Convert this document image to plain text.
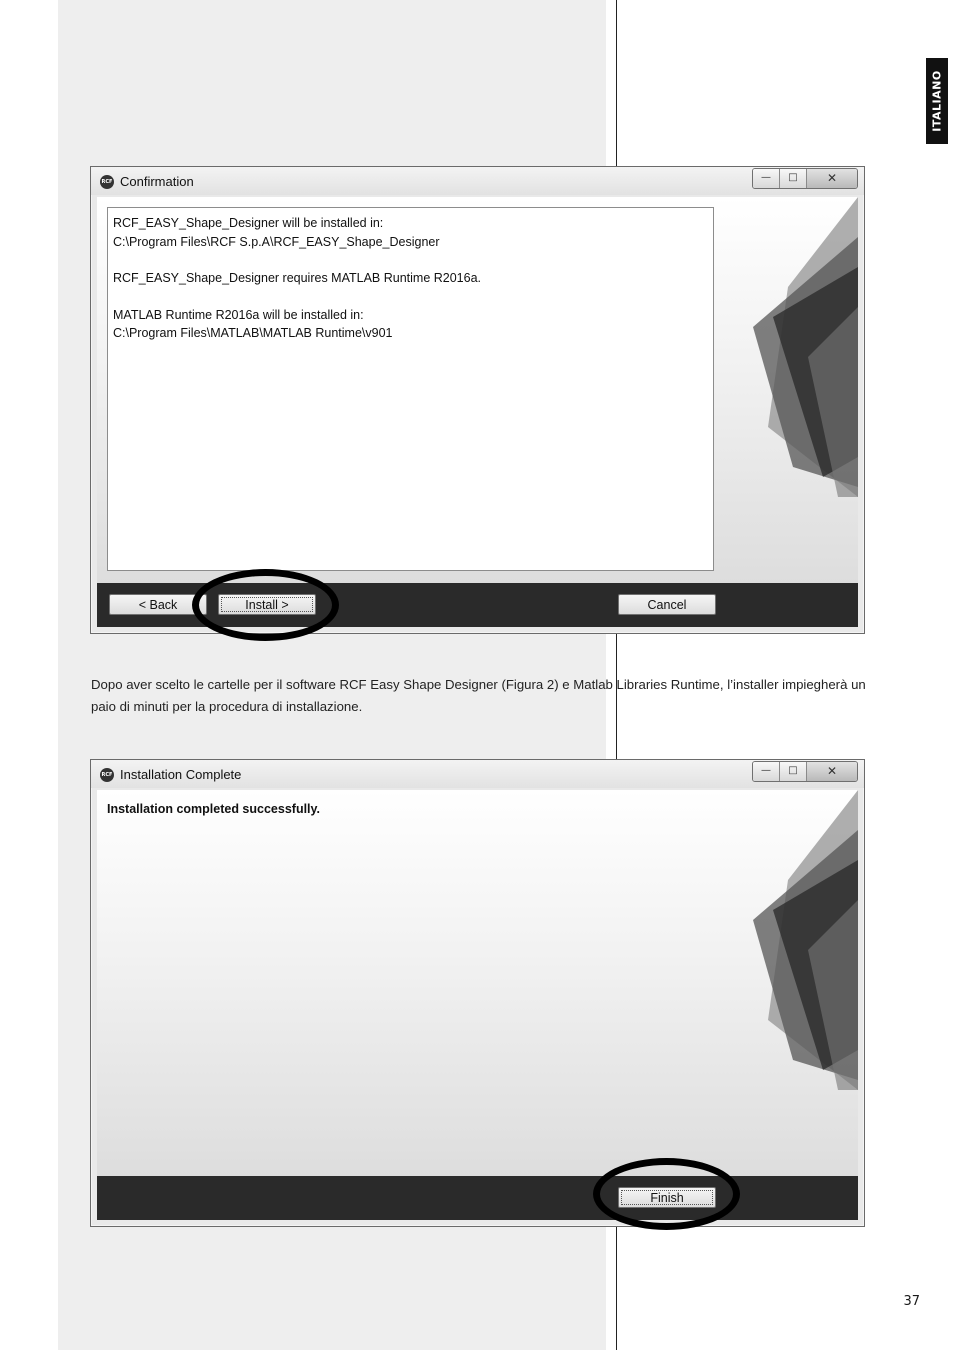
ITALIANO
RCF Confirmation	—	□	✕

RCF_EASY_Shape_Designer will be installed in:
C:\Program Files\RCF S.p.A\RCF_EASY_Shape_Designer

RCF_EASY_Shape_Designer requires MATLAB Runtime R2016a.

MATLAB Runtime R2016a will be installed in:
C:\Program Files\MATLAB\MATLAB Runtime\v901

< Back	Install >	Cancel
Dopo aver scelto le cartelle per il software RCF Easy Shape Designer (Figura 2) e Matlab Libraries Runtime, l’installer impiegherà un paio di minuti per la procedura di installazione.
RCF Installation Complete	—	□	✕
Installation completed successfully.
Finish
37
